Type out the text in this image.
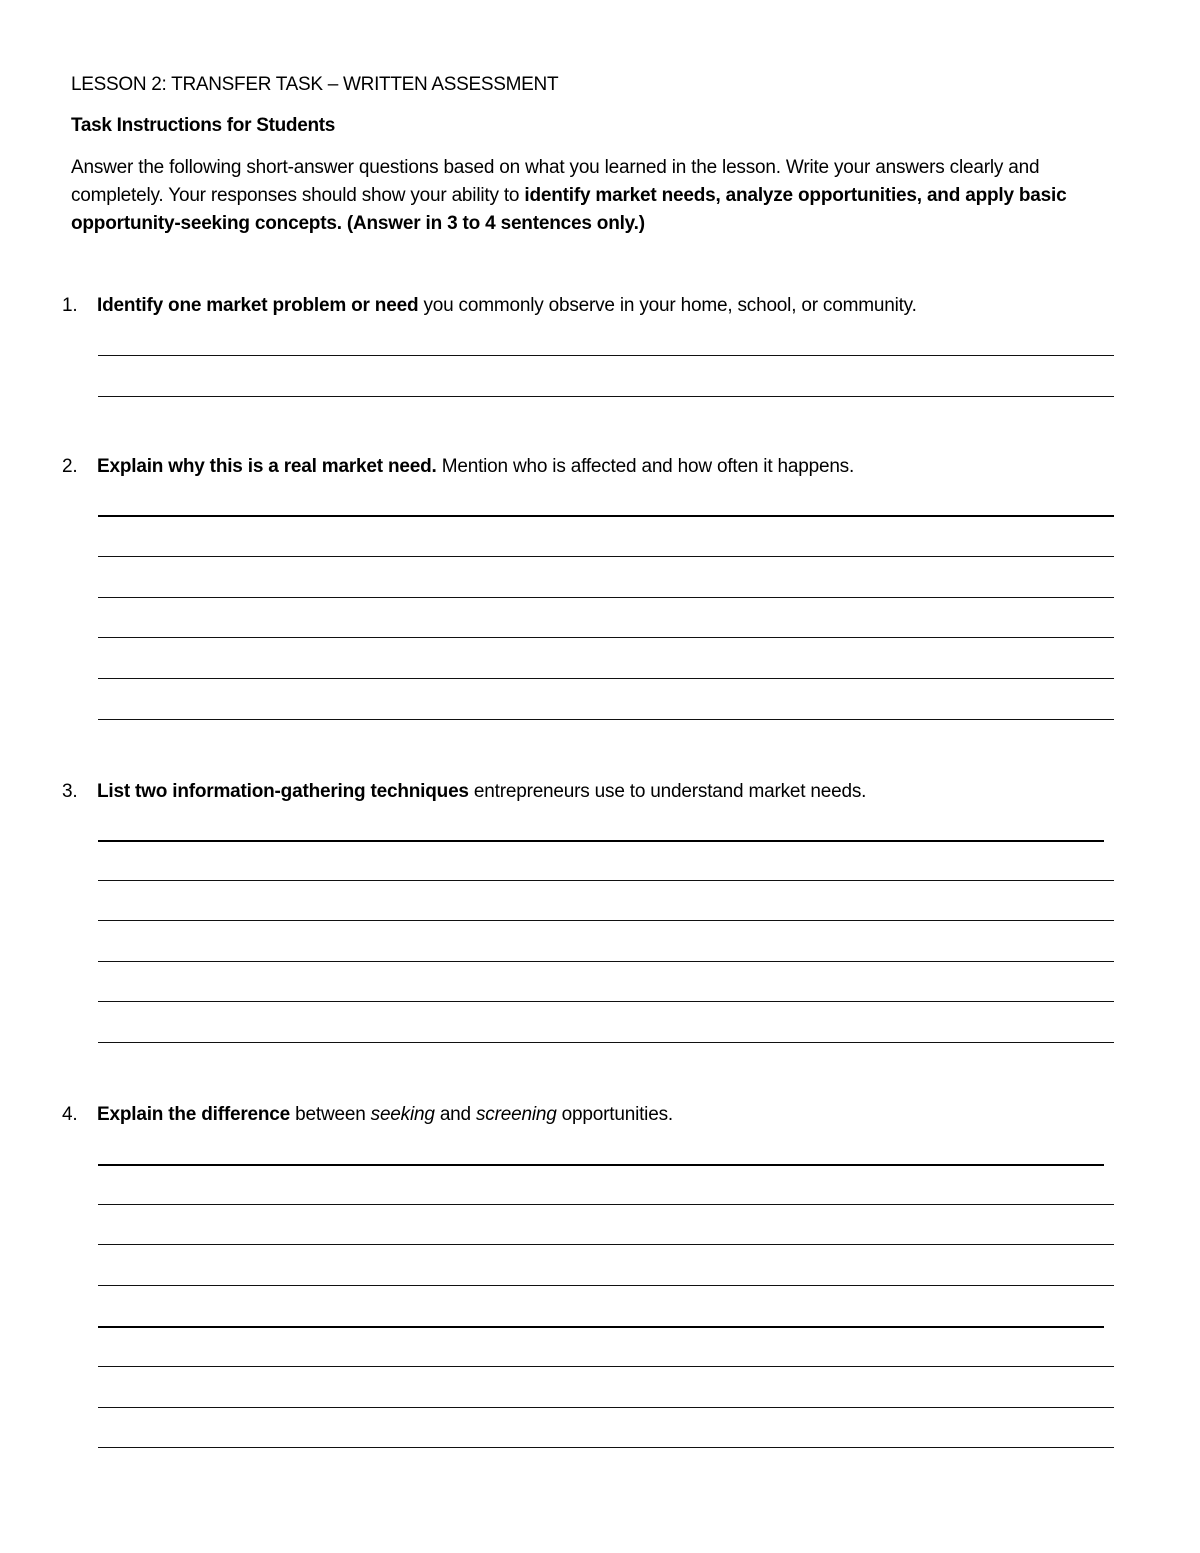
LESSON 2: TRANSFER TASK – WRITTEN ASSESSMENT
Task Instructions for Students
Answer the following short-answer questions based on what you learned in the lesson. Write your answers clearly and completely. Your responses should show your ability to identify market needs, analyze opportunities, and apply basic opportunity-seeking concepts. (Answer in 3 to 4 sentences only.)
1. Identify one market problem or need you commonly observe in your home, school, or community.
2. Explain why this is a real market need. Mention who is affected and how often it happens.
3. List two information-gathering techniques entrepreneurs use to understand market needs.
4. Explain the difference between seeking and screening opportunities.
